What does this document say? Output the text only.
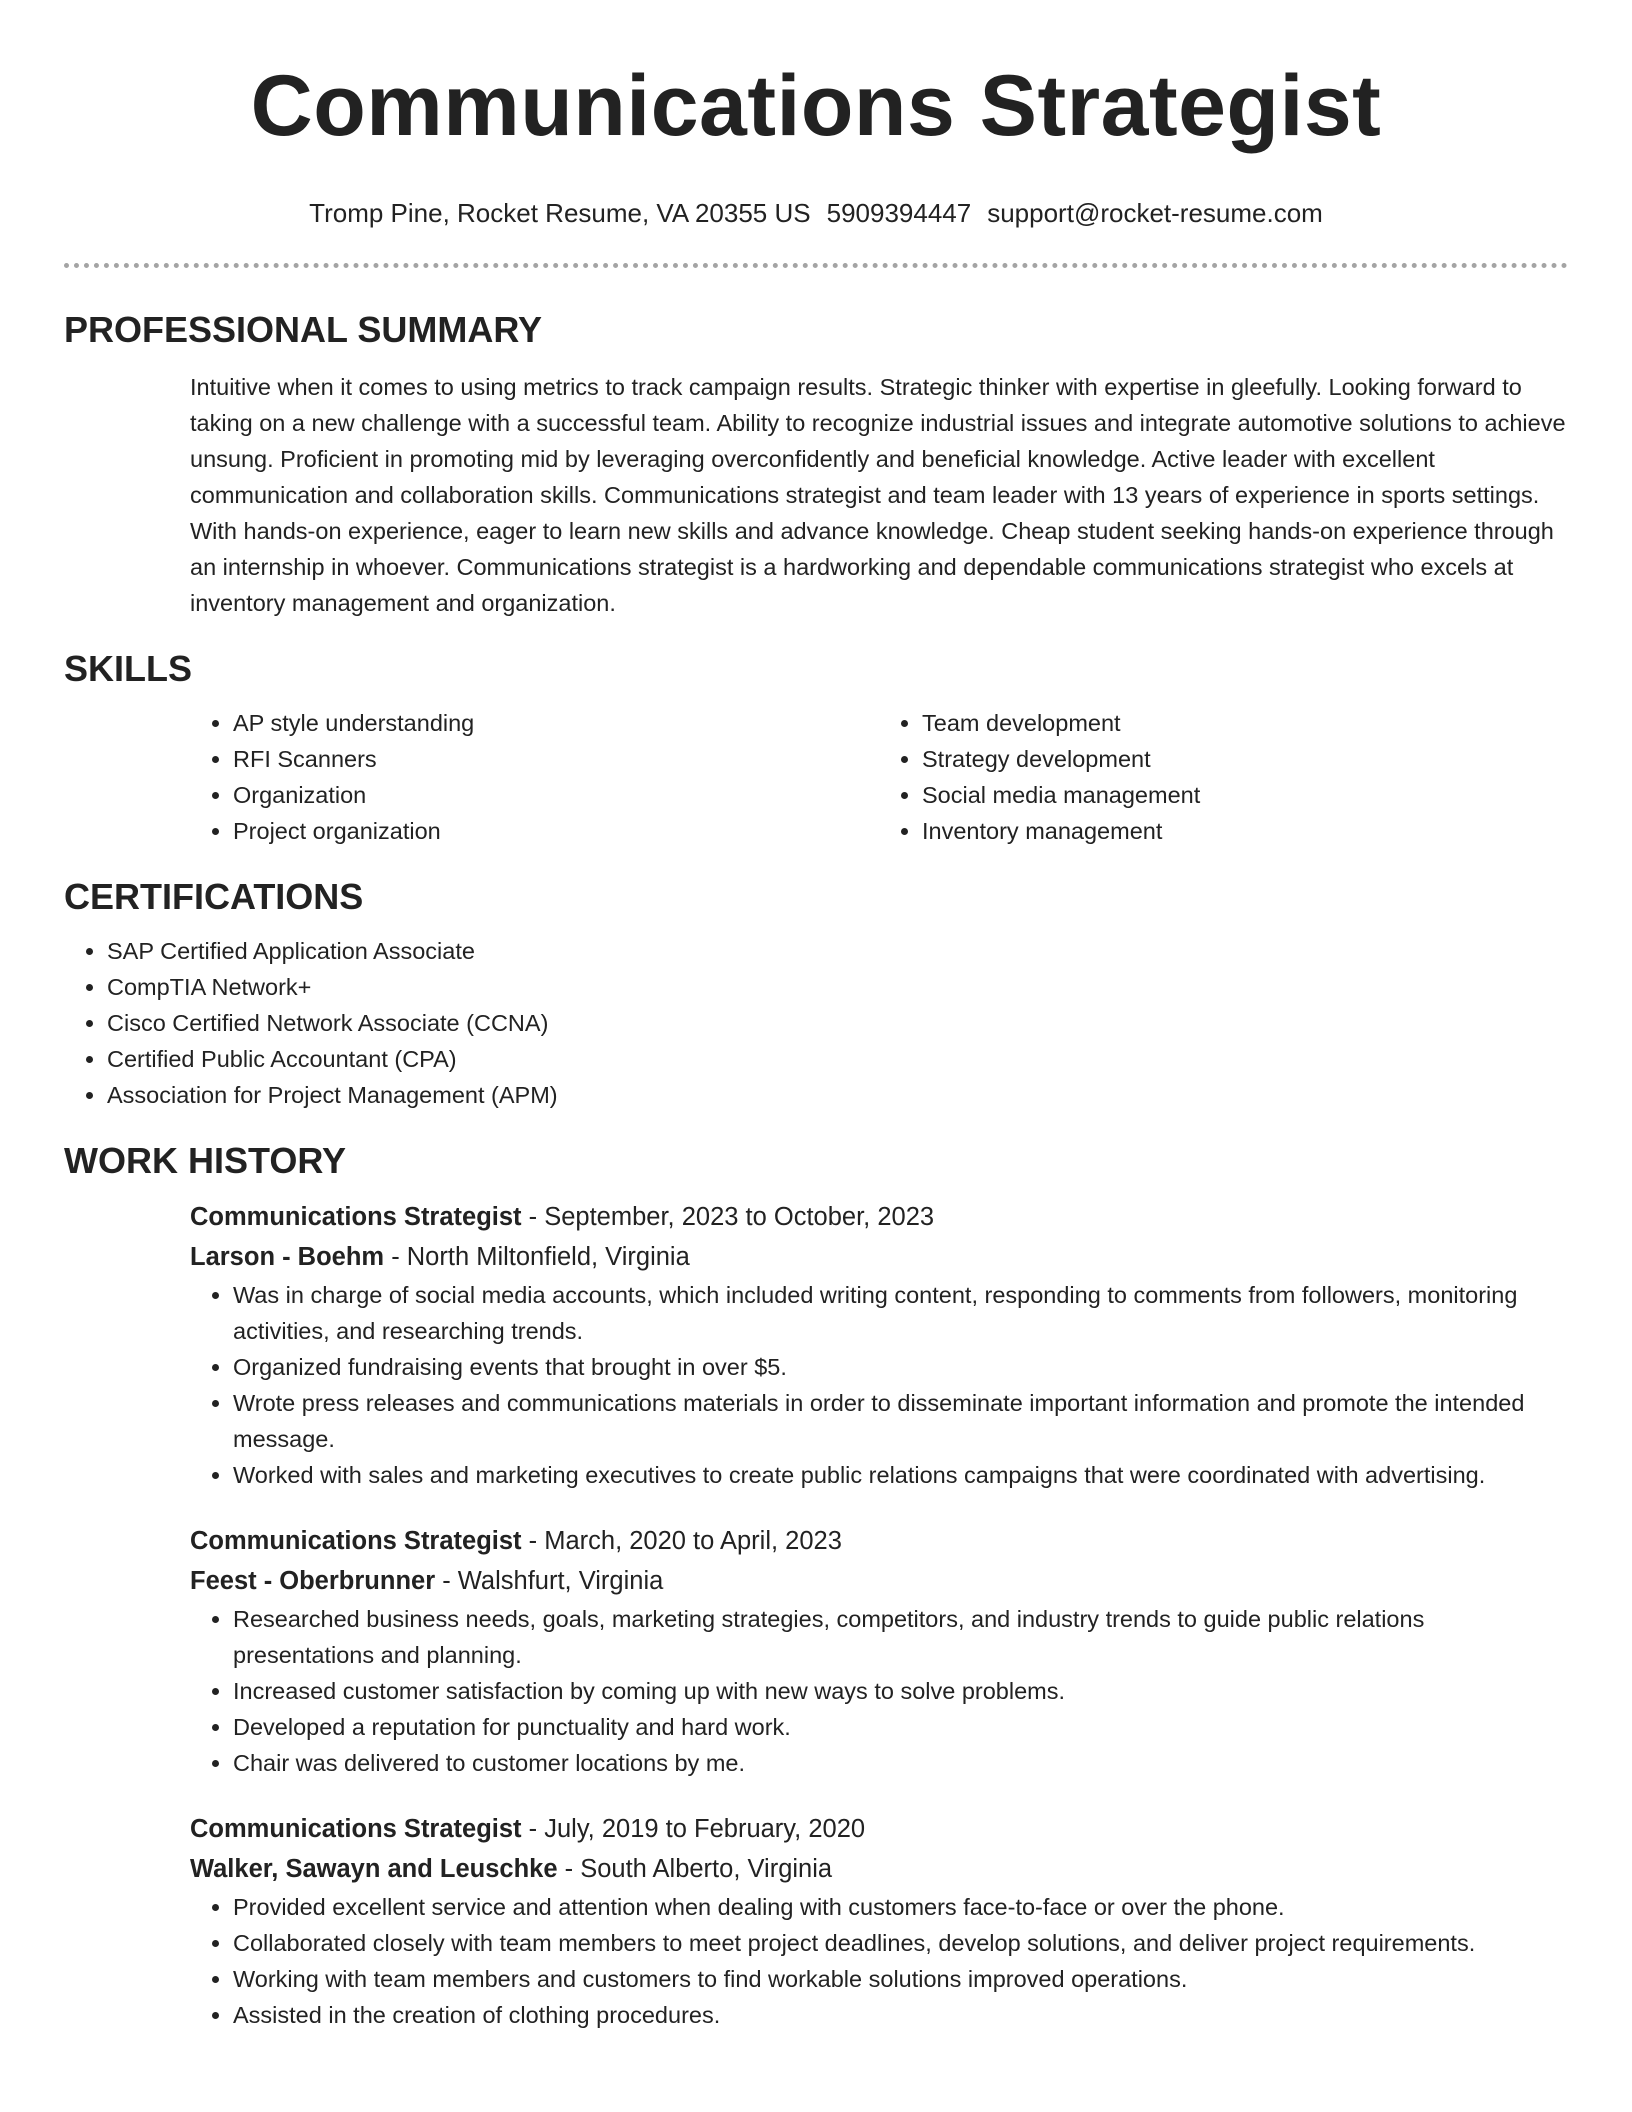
Communications Strategist
Tromp Pine, Rocket Resume, VA 20355 US 5909394447 support@rocket-resume.com
PROFESSIONAL SUMMARY

Intuitive when it comes to using metrics to track campaign results. Strategic thinker with expertise in gleefully. Looking forward to taking on a new challenge with a successful team. Ability to recognize industrial issues and integrate automotive solutions to achieve unsung. Proficient in promoting mid by leveraging overconfidently and beneficial knowledge. Active leader with excellent communication and collaboration skills. Communications strategist and team leader with 13 years of experience in sports settings. With hands-on experience, eager to learn new skills and advance knowledge. Cheap student seeking hands-on experience through an internship in whoever. Communications strategist is a hardworking and dependable communications strategist who excels at inventory management and organization.

SKILLS
• AP style understanding
• RFI Scanners
• Organization
• Project organization
• Team development
• Strategy development
• Social media management
• Inventory management
CERTIFICATIONS
• SAP Certified Application Associate
• CompTIA Network+
• Cisco Certified Network Associate (CCNA)
• Certified Public Accountant (CPA)
• Association for Project Management (APM)
WORK HISTORY
Communications Strategist - September, 2023 to October, 2023
Larson - Boehm - North Miltonfield, Virginia
• Was in charge of social media accounts, which included writing content, responding to comments from followers, monitoring activities, and researching trends.
• Organized fundraising events that brought in over $5.
• Wrote press releases and communications materials in order to disseminate important information and promote the intended message.
• Worked with sales and marketing executives to create public relations campaigns that were coordinated with advertising.
Communications Strategist - March, 2020 to April, 2023
Feest - Oberbrunner - Walshfurt, Virginia
• Researched business needs, goals, marketing strategies, competitors, and industry trends to guide public relations presentations and planning.
• Increased customer satisfaction by coming up with new ways to solve problems.
• Developed a reputation for punctuality and hard work.
• Chair was delivered to customer locations by me.
Communications Strategist - July, 2019 to February, 2020
Walker, Sawayn and Leuschke - South Alberto, Virginia
• Provided excellent service and attention when dealing with customers face-to-face or over the phone.
• Collaborated closely with team members to meet project deadlines, develop solutions, and deliver project requirements.
• Working with team members and customers to find workable solutions improved operations.
• Assisted in the creation of clothing procedures.
